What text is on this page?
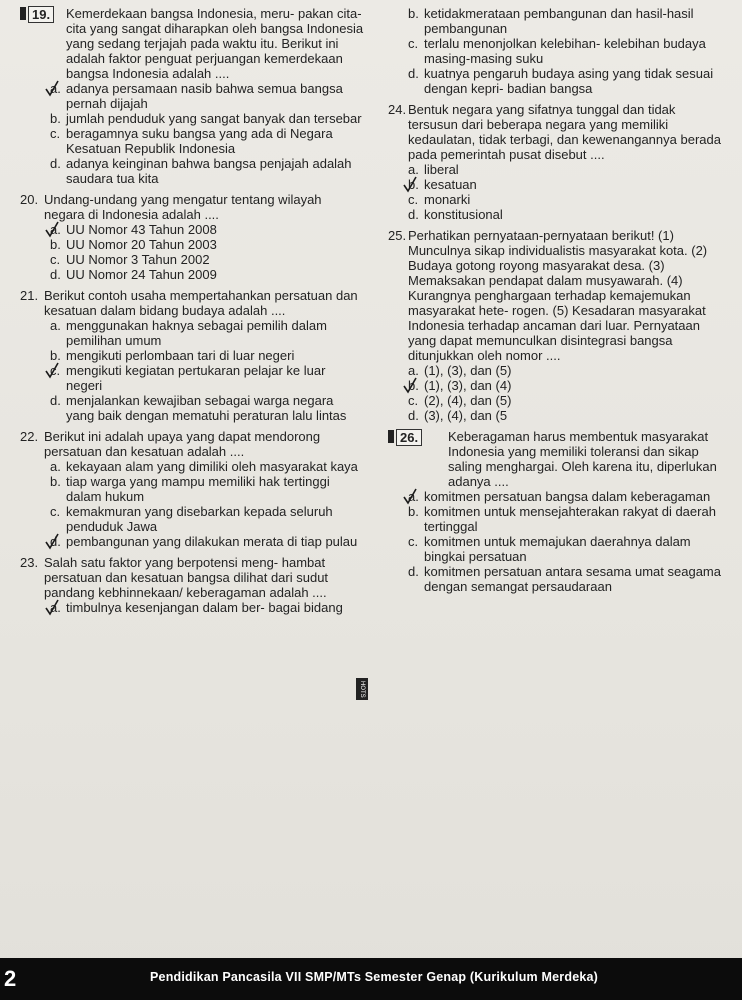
19.	Kemerdekaan bangsa Indonesia, meru- pakan cita-cita yang sangat diharapkan oleh bangsa Indonesia yang sedang terjajah pada waktu itu. Berikut ini adalah faktor penguat perjuangan kemerdekaan bangsa Indonesia adalah ....
a. adanya persamaan nasib bahwa semua bangsa pernah dijajah
b. jumlah penduduk yang sangat banyak dan tersebar
c. beragamnya suku bangsa yang ada di Negara Kesatuan Republik Indonesia
d. adanya keinginan bahwa bangsa penjajah adalah saudara tua kita
20. Undang-undang yang mengatur tentang wilayah negara di Indonesia adalah ....
a. UU Nomor 43 Tahun 2008
b. UU Nomor 20 Tahun 2003
c. UU Nomor 3 Tahun 2002
d. UU Nomor 24 Tahun 2009
21. Berikut contoh usaha mempertahankan persatuan dan kesatuan dalam bidang budaya adalah ....
a. menggunakan haknya sebagai pemilih dalam pemilihan umum
b. mengikuti perlombaan tari di luar negeri
c. mengikuti kegiatan pertukaran pelajar ke luar negeri
d. menjalankan kewajiban sebagai warga negara yang baik dengan mematuhi peraturan lalu lintas
22. Berikut ini adalah upaya yang dapat mendorong persatuan dan kesatuan adalah ....
a. kekayaan alam yang dimiliki oleh masyarakat kaya
b. tiap warga yang mampu memiliki hak tertinggi dalam hukum
c. kemakmuran yang disebarkan kepada seluruh penduduk Jawa
d. pembangunan yang dilakukan merata di tiap pulau
23. Salah satu faktor yang berpotensi meng- hambat persatuan dan kesatuan bangsa dilihat dari sudut pandang kebhinnekaan/ keberagaman adalah ....
a. timbulnya kesenjangan dalam ber- bagai bidang
b. ketidakmerataan pembangunan dan hasil-hasil pembangunan
c. terlalu menonjolkan kelebihan- kelebihan budaya masing-masing suku
d. kuatnya pengaruh budaya asing yang tidak sesuai dengan kepri- badian bangsa
24. Bentuk negara yang sifatnya tunggal dan tidak tersusun dari beberapa negara yang memiliki kedaulatan, tidak terbagi, dan kewenangannya berada pada pemerintah pusat disebut ....
a. liberal
b. kesatuan
c. monarki
d. konstitusional
25. Perhatikan pernyataan-pernyataan berikut! (1) Munculnya sikap individualistis masyarakat kota. (2) Budaya gotong royong masyarakat desa. (3) Memaksakan pendapat dalam musyawarah. (4) Kurangnya penghargaan terhadap kemajemukan masyarakat hete- rogen. (5) Kesadaran masyarakat Indonesia terhadap ancaman dari luar. Pernyataan yang dapat memunculkan disintegrasi bangsa ditunjukkan oleh nomor ....
a. (1), (3), dan (5)
b. (1), (3), dan (4)
c. (2), (4), dan (5)
d. (3), (4), dan (5
26.	Keberagaman harus membentuk masyarakat Indonesia yang memiliki toleransi dan sikap saling menghargai. Oleh karena itu, diperlukan adanya ....
a. komitmen persatuan bangsa dalam keberagaman
b. komitmen untuk mensejahterakan rakyat di daerah tertinggal
c. komitmen untuk memajukan daerahnya dalam bingkai persatuan
d. komitmen persatuan antara sesama umat seagama dengan semangat persaudaraan
HOTS
2	Pendidikan Pancasila VII SMP/MTs Semester Genap (Kurikulum Merdeka)
